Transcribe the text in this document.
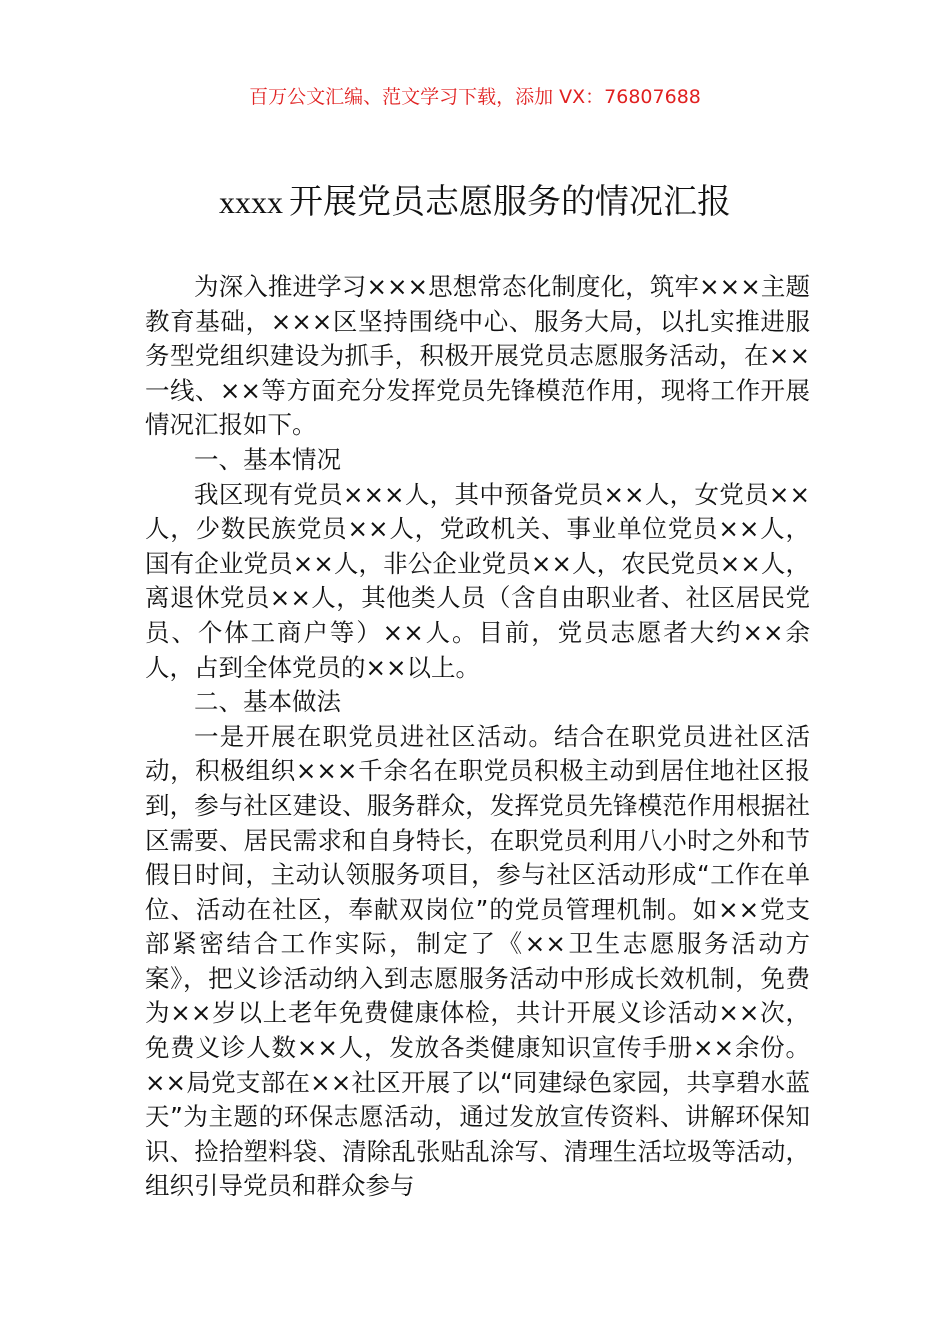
百万公文汇编、范文学习下载，添加 VX：76807688
xxxx 开展党员志愿服务的情况汇报

为深入推进学习×××思想常态化制度化，筑牢×××主题教育基础，×××区坚持围绕中心、服务大局，以扎实推进服务型党组织建设为抓手，积极开展党员志愿服务活动，在××一线、××等方面充分发挥党员先锋模范作用，现将工作开展情况汇报如下。

一、基本情况

我区现有党员×××人，其中预备党员××人，女党员××人，少数民族党员××人，党政机关、事业单位党员××人，国有企业党员××人，非公企业党员××人，农民党员××人，离退休党员××人，其他类人员（含自由职业者、社区居民党员、个体工商户等）××人。目前，党员志愿者大约××余人，占到全体党员的××以上。

二、基本做法

一是开展在职党员进社区活动。结合在职党员进社区活动，积极组织×××千余名在职党员积极主动到居住地社区报到，参与社区建设、服务群众，发挥党员先锋模范作用根据社区需要、居民需求和自身特长，在职党员利用八小时之外和节假日时间，主动认领服务项目，参与社区活动形成“工作在单位、活动在社区，奉献双岗位”的党员管理机制。如××党支部紧密结合工作实际，制定了《××卫生志愿服务活动方案》，把义诊活动纳入到志愿服务活动中形成长效机制，免费为××岁以上老年免费健康体检，共计开展义诊活动××次，免费义诊人数××人，发放各类健康知识宣传手册××余份。××局党支部在××社区开展了以“同建绿色家园，共享碧水蓝天”为主题的环保志愿活动，通过发放宣传资料、讲解环保知识、捡拾塑料袋、清除乱张贴乱涂写、清理生活垃圾等活动，组织引导党员和群众参与
